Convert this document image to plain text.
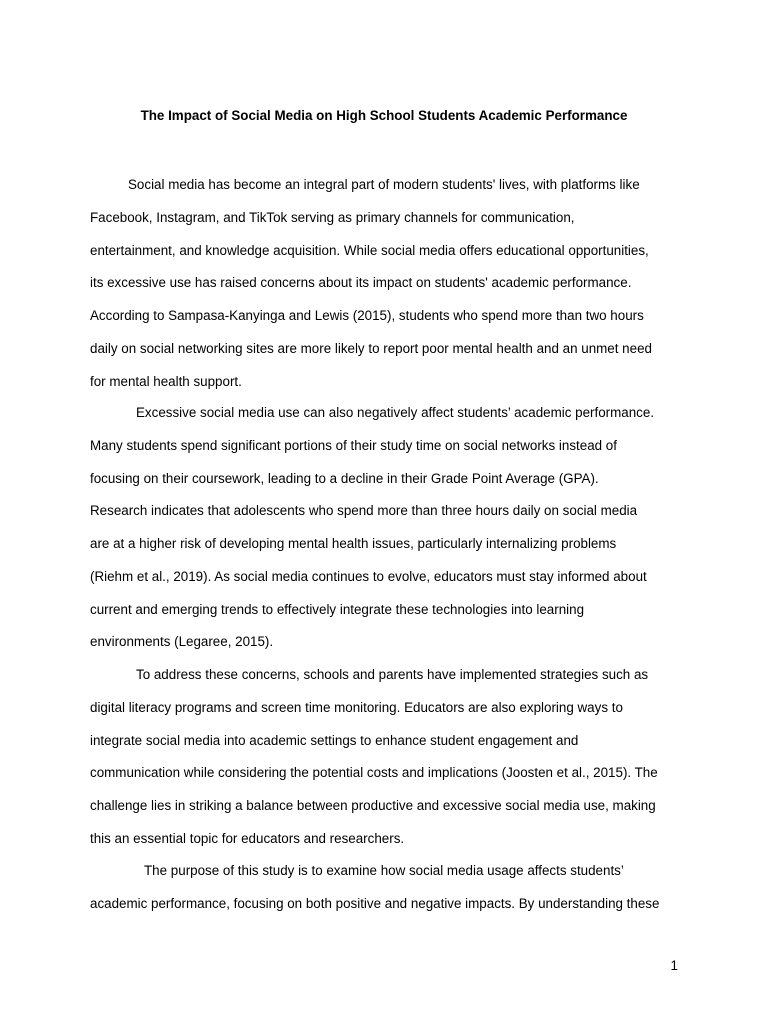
The Impact of Social Media on High School Students Academic Performance

Social media has become an integral part of modern students' lives, with platforms like
Facebook, Instagram, and TikTok serving as primary channels for communication,
entertainment, and knowledge acquisition. While social media offers educational opportunities,
its excessive use has raised concerns about its impact on students' academic performance.
According to Sampasa-Kanyinga and Lewis (2015), students who spend more than two hours
daily on social networking sites are more likely to report poor mental health and an unmet need
for mental health support.

Excessive social media use can also negatively affect students’ academic performance.
Many students spend significant portions of their study time on social networks instead of
focusing on their coursework, leading to a decline in their Grade Point Average (GPA).
Research indicates that adolescents who spend more than three hours daily on social media
are at a higher risk of developing mental health issues, particularly internalizing problems
(Riehm et al., 2019). As social media continues to evolve, educators must stay informed about
current and emerging trends to effectively integrate these technologies into learning
environments (Legaree, 2015).

To address these concerns, schools and parents have implemented strategies such as
digital literacy programs and screen time monitoring. Educators are also exploring ways to
integrate social media into academic settings to enhance student engagement and
communication while considering the potential costs and implications (Joosten et al., 2015). The
challenge lies in striking a balance between productive and excessive social media use, making
this an essential topic for educators and researchers.

The purpose of this study is to examine how social media usage affects students’
academic performance, focusing on both positive and negative impacts. By understanding these

1
